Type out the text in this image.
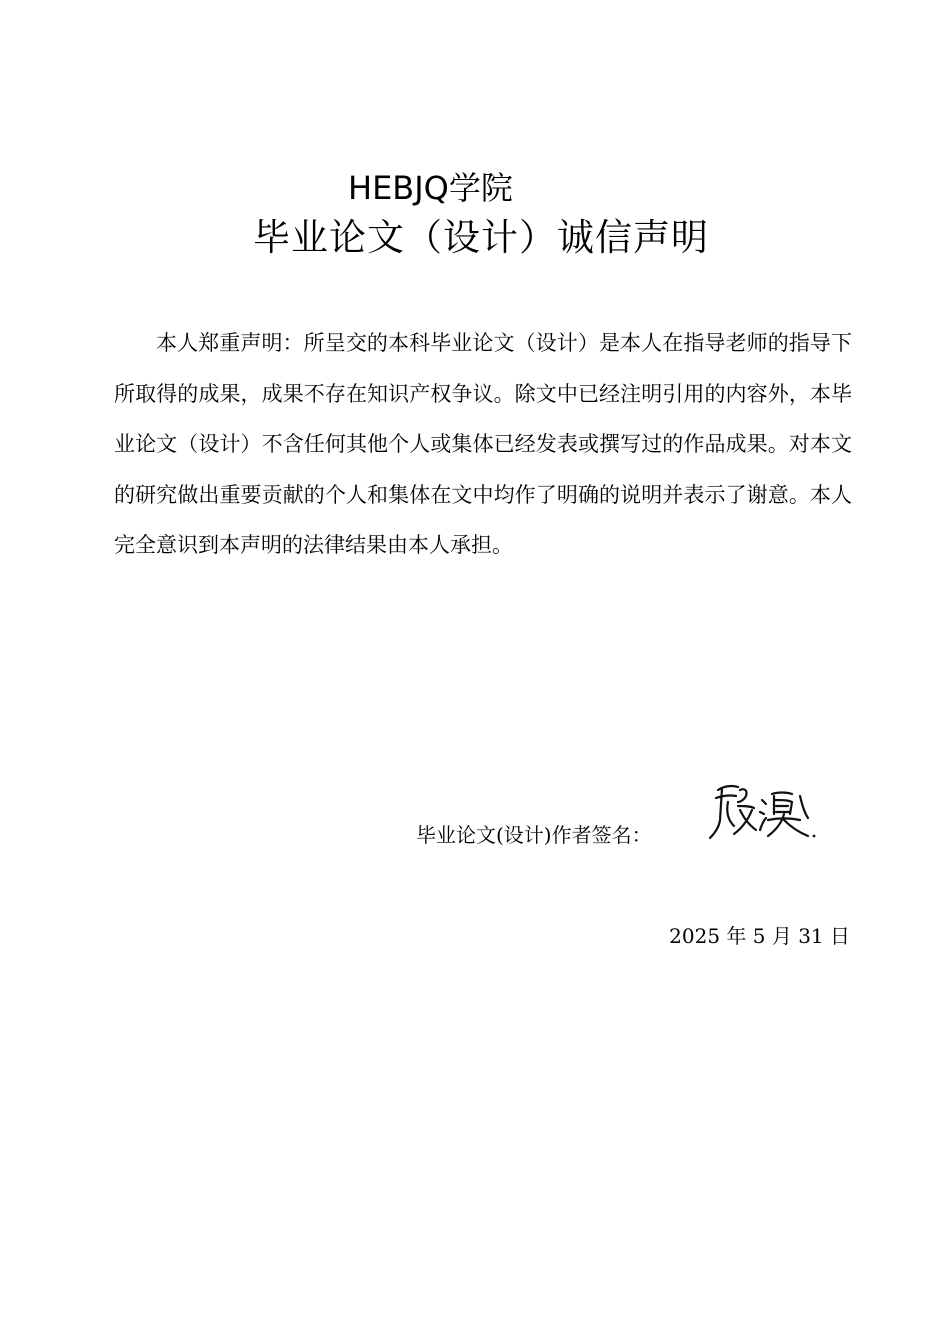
HEBJQ学院
毕业论文（设计）诚信声明

本人郑重声明：所呈交的本科毕业论文（设计）是本人在指导老师的指导下所取得的成果，成果不存在知识产权争议。除文中已经注明引用的内容外，本毕业论文（设计）不含任何其他个人或集体已经发表或撰写过的作品成果。对本文的研究做出重要贡献的个人和集体在文中均作了明确的说明并表示了谢意。本人完全意识到本声明的法律结果由本人承担。

毕业论文(设计)作者签名：
2025 年 5 月 31 日
